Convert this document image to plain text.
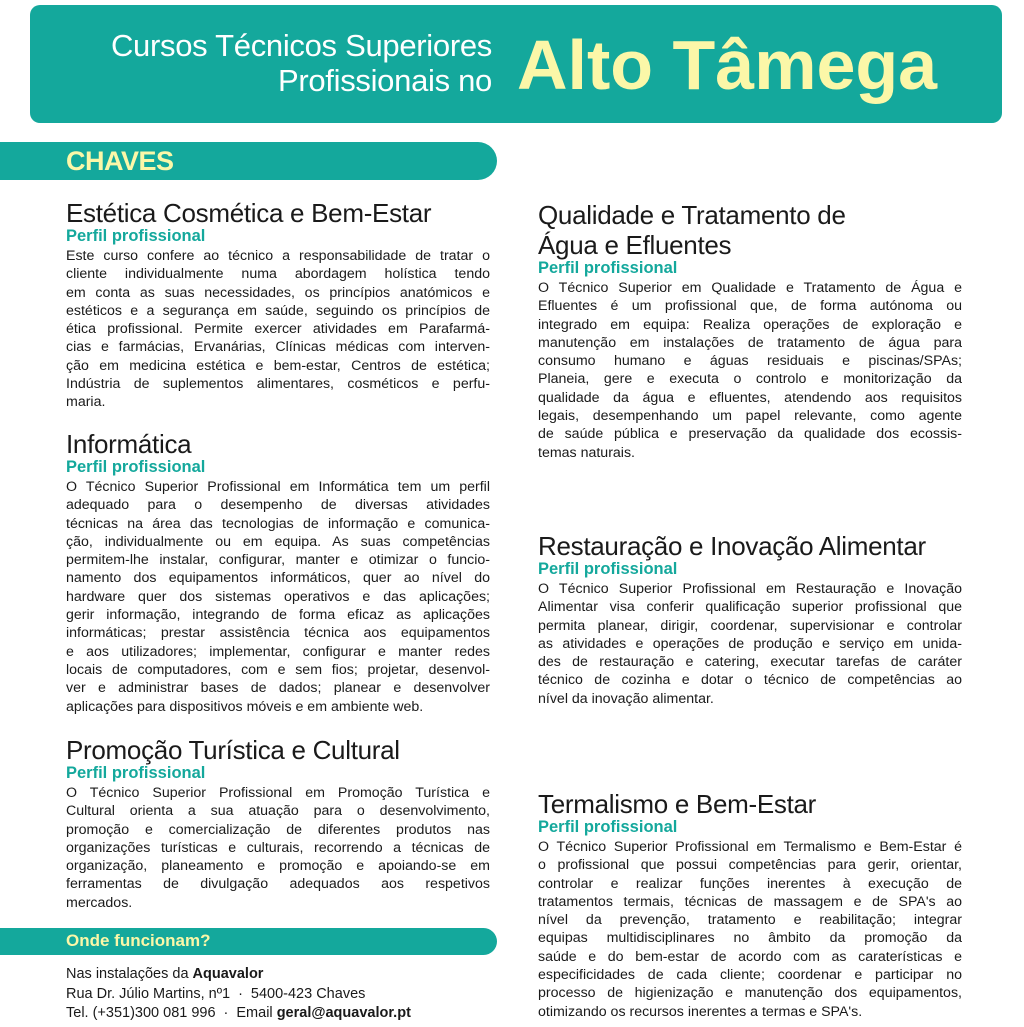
Cursos Técnicos Superiores
Profissionais no Alto Tâmega
CHAVES
Estética Cosmética e Bem-Estar
Perfil profissional
Este curso confere ao técnico a responsabilidade de tratar o
cliente individualmente numa abordagem holística tendo
em conta as suas necessidades, os princípios anatómicos e
estéticos e a segurança em saúde, seguindo os princípios de
ética profissional. Permite exercer atividades em Parafarmá-
cias e farmácias, Ervanárias, Clínicas médicas com interven-
ção em medicina estética e bem-estar, Centros de estética;
Indústria de suplementos alimentares, cosméticos e perfu-
maria.
Informática
Perfil profissional
O Técnico Superior Profissional em Informática tem um perfil
adequado para o desempenho de diversas atividades
técnicas na área das tecnologias de informação e comunica-
ção, individualmente ou em equipa. As suas competências
permitem-lhe instalar, configurar, manter e otimizar o funcio-
namento dos equipamentos informáticos, quer ao nível do
hardware quer dos sistemas operativos e das aplicações;
gerir informação, integrando de forma eficaz as aplicações
informáticas; prestar assistência técnica aos equipamentos
e aos utilizadores; implementar, configurar e manter redes
locais de computadores, com e sem fios; projetar, desenvol-
ver e administrar bases de dados; planear e desenvolver
aplicações para dispositivos móveis e em ambiente web.
Promoção Turística e Cultural
Perfil profissional
O Técnico Superior Profissional em Promoção Turística e
Cultural orienta a sua atuação para o desenvolvimento,
promoção e comercialização de diferentes produtos nas
organizações turísticas e culturais, recorrendo a técnicas de
organização, planeamento e promoção e apoiando-se em
ferramentas de divulgação adequados aos respetivos
mercados.
Qualidade e Tratamento de
Água e Efluentes
Perfil profissional
O Técnico Superior em Qualidade e Tratamento de Água e
Efluentes é um profissional que, de forma autónoma ou
integrado em equipa: Realiza operações de exploração e
manutenção em instalações de tratamento de água para
consumo humano e águas residuais e piscinas/SPAs;
Planeia, gere e executa o controlo e monitorização da
qualidade da água e efluentes, atendendo aos requisitos
legais, desempenhando um papel relevante, como agente
de saúde pública e preservação da qualidade dos ecossis-
temas naturais.
Restauração e Inovação Alimentar
Perfil profissional
O Técnico Superior Profissional em Restauração e Inovação
Alimentar visa conferir qualificação superior profissional que
permita planear, dirigir, coordenar, supervisionar e controlar
as atividades e operações de produção e serviço em unida-
des de restauração e catering, executar tarefas de caráter
técnico de cozinha e dotar o técnico de competências ao
nível da inovação alimentar.
Termalismo e Bem-Estar
Perfil profissional
O Técnico Superior Profissional em Termalismo e Bem-Estar é
o profissional que possui competências para gerir, orientar,
controlar e realizar funções inerentes à execução de
tratamentos termais, técnicas de massagem e de SPA's ao
nível da prevenção, tratamento e reabilitação; integrar
equipas multidisciplinares no âmbito da promoção da
saúde e do bem-estar de acordo com as caraterísticas e
especificidades de cada cliente; coordenar e participar no
processo de higienização e manutenção dos equipamentos,
otimizando os recursos inerentes a termas e SPA's.
Onde funcionam?
Nas instalações da Aquavalor
Rua Dr. Júlio Martins, nº1 · 5400-423 Chaves
Tel. (+351)300 081 996 · Email geral@aquavalor.pt
